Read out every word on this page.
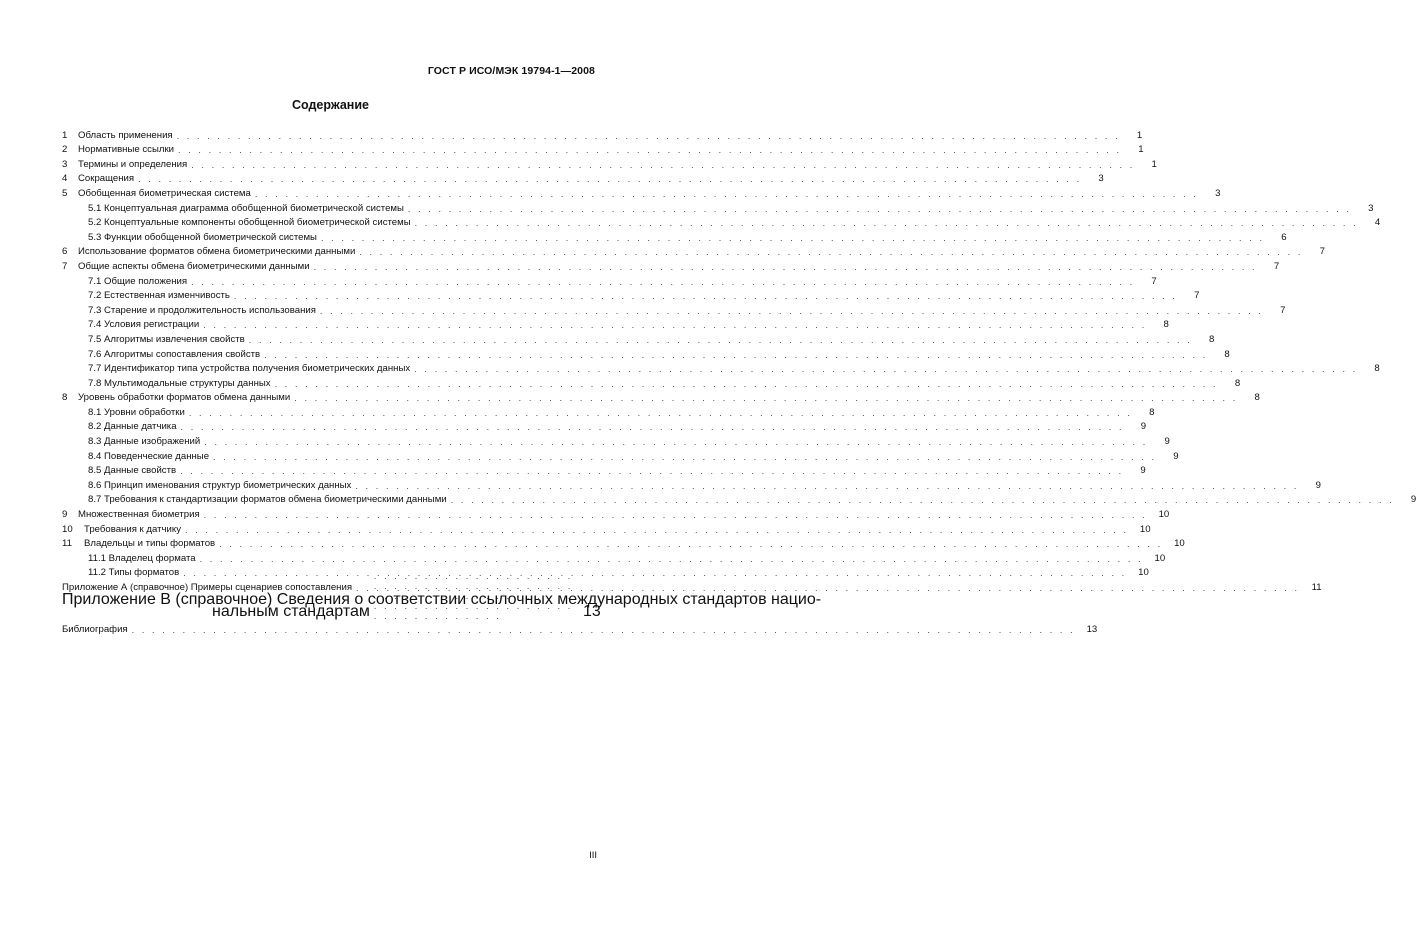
ГОСТ Р ИСО/МЭК 19794-1—2008
Содержание
1	Область применения . . .	1
2	Нормативные ссылки . . .	1
3	Термины и определения . . .	1
4	Сокращения . . .	3
5	Обобщенная биометрическая система . . .	3
5.1 Концептуальная диаграмма обобщенной биометрической системы . . .	3
5.2 Концептуальные компоненты обобщенной биометрической системы . . .	4
5.3 Функции обобщенной биометрической системы . . .	6
6	Использование форматов обмена биометрическими данными . . .	7
7	Общие аспекты обмена биометрическими данными . . .	7
7.1 Общие положения . . .	7
7.2 Естественная изменчивость . . .	7
7.3 Старение и продолжительность использования . . .	7
7.4 Условия регистрации . . .	8
7.5 Алгоритмы извлечения свойств . . .	8
7.6 Алгоритмы сопоставления свойств . . .	8
7.7 Идентификатор типа устройства получения биометрических данных . . .	8
7.8 Мультимодальные структуры данных . . .	8
8	Уровень обработки форматов обмена данными . . .	8
8.1 Уровни обработки . . .	8
8.2 Данные датчика . . .	9
8.3 Данные изображений . . .	9
8.4 Поведенческие данные . . .	9
8.5 Данные свойств . . .	9
8.6 Принцип именования структур биометрических данных . . .	9
8.7 Требования к стандартизации форматов обмена биометрическими данными . . .	9
9	Множественная биометрия . . .	10
10	Требования к датчику . . .	10
11	Владельцы и типы форматов . . .	10
11.1 Владелец формата . . .	10
11.2 Типы форматов . . .	10
Приложение А (справочное) Примеры сценариев сопоставления . . .	11
Приложение В (справочное) Сведения о соответствии ссылочных международных стандартов нацио-
нальным стандартам . . .	13
Библиография . . .	13
III
